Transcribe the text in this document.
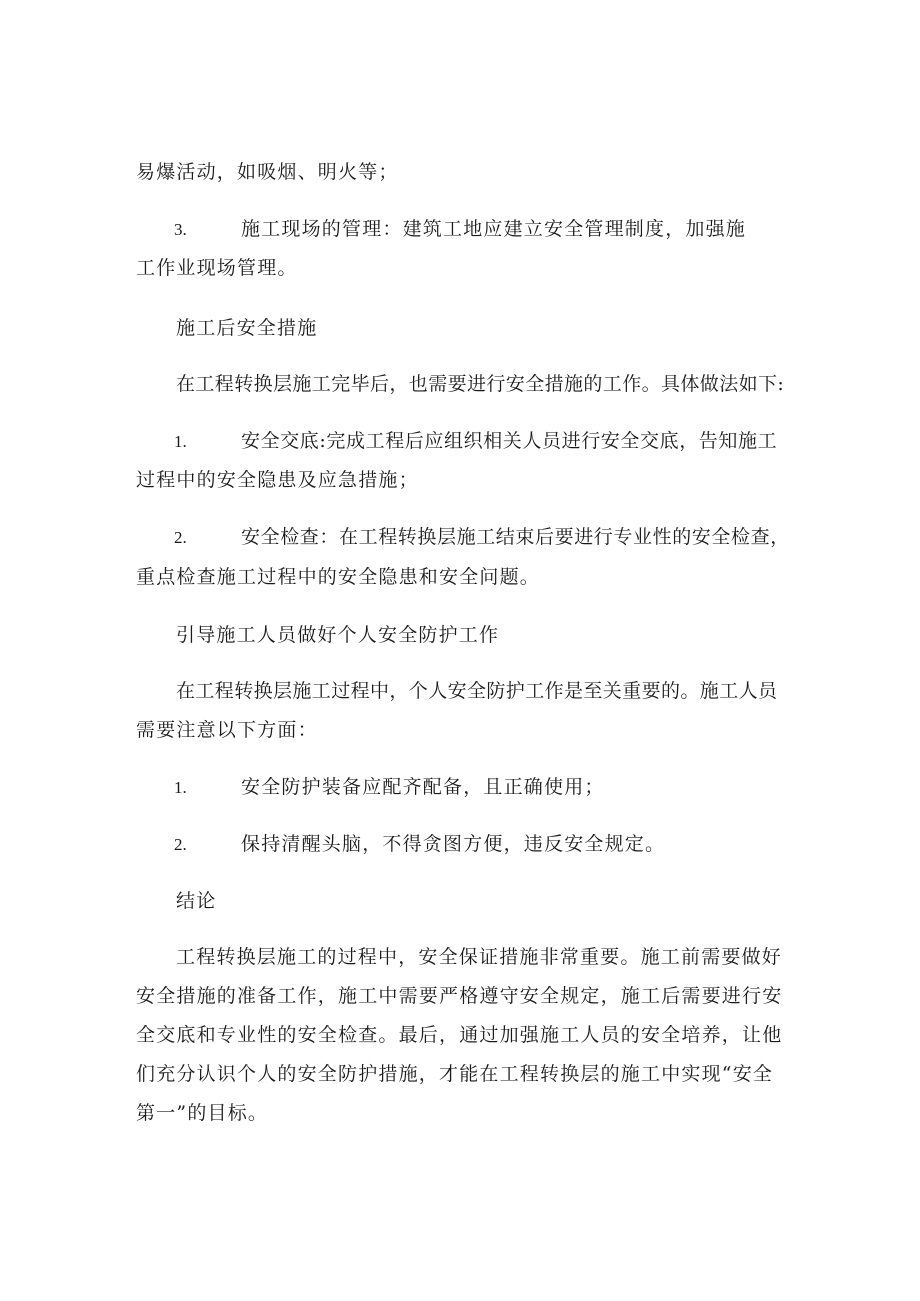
易爆活动，如吸烟、明火等；
3.	施工现场的管理：建筑工地应建立安全管理制度，加强施
工作业现场管理。
施工后安全措施
在工程转换层施工完毕后，也需要进行安全措施的工作。具体做法如下:
1.	安全交底:完成工程后应组织相关人员进行安全交底，告知施工
过程中的安全隐患及应急措施；
2.	安全检查：在工程转换层施工结束后要进行专业性的安全检查，
重点检查施工过程中的安全隐患和安全问题。
引导施工人员做好个人安全防护工作
在工程转换层施工过程中，个人安全防护工作是至关重要的。施工人员
需要注意以下方面：
1.	安全防护装备应配齐配备，且正确使用；
2.	保持清醒头脑，不得贪图方便，违反安全规定。
结论
工程转换层施工的过程中，安全保证措施非常重要。施工前需要做好
安全措施的准备工作，施工中需要严格遵守安全规定，施工后需要进行安
全交底和专业性的安全检查。最后，通过加强施工人员的安全培养，让他
们充分认识个人的安全防护措施，才能在工程转换层的施工中实现“安全
第一”的目标。
